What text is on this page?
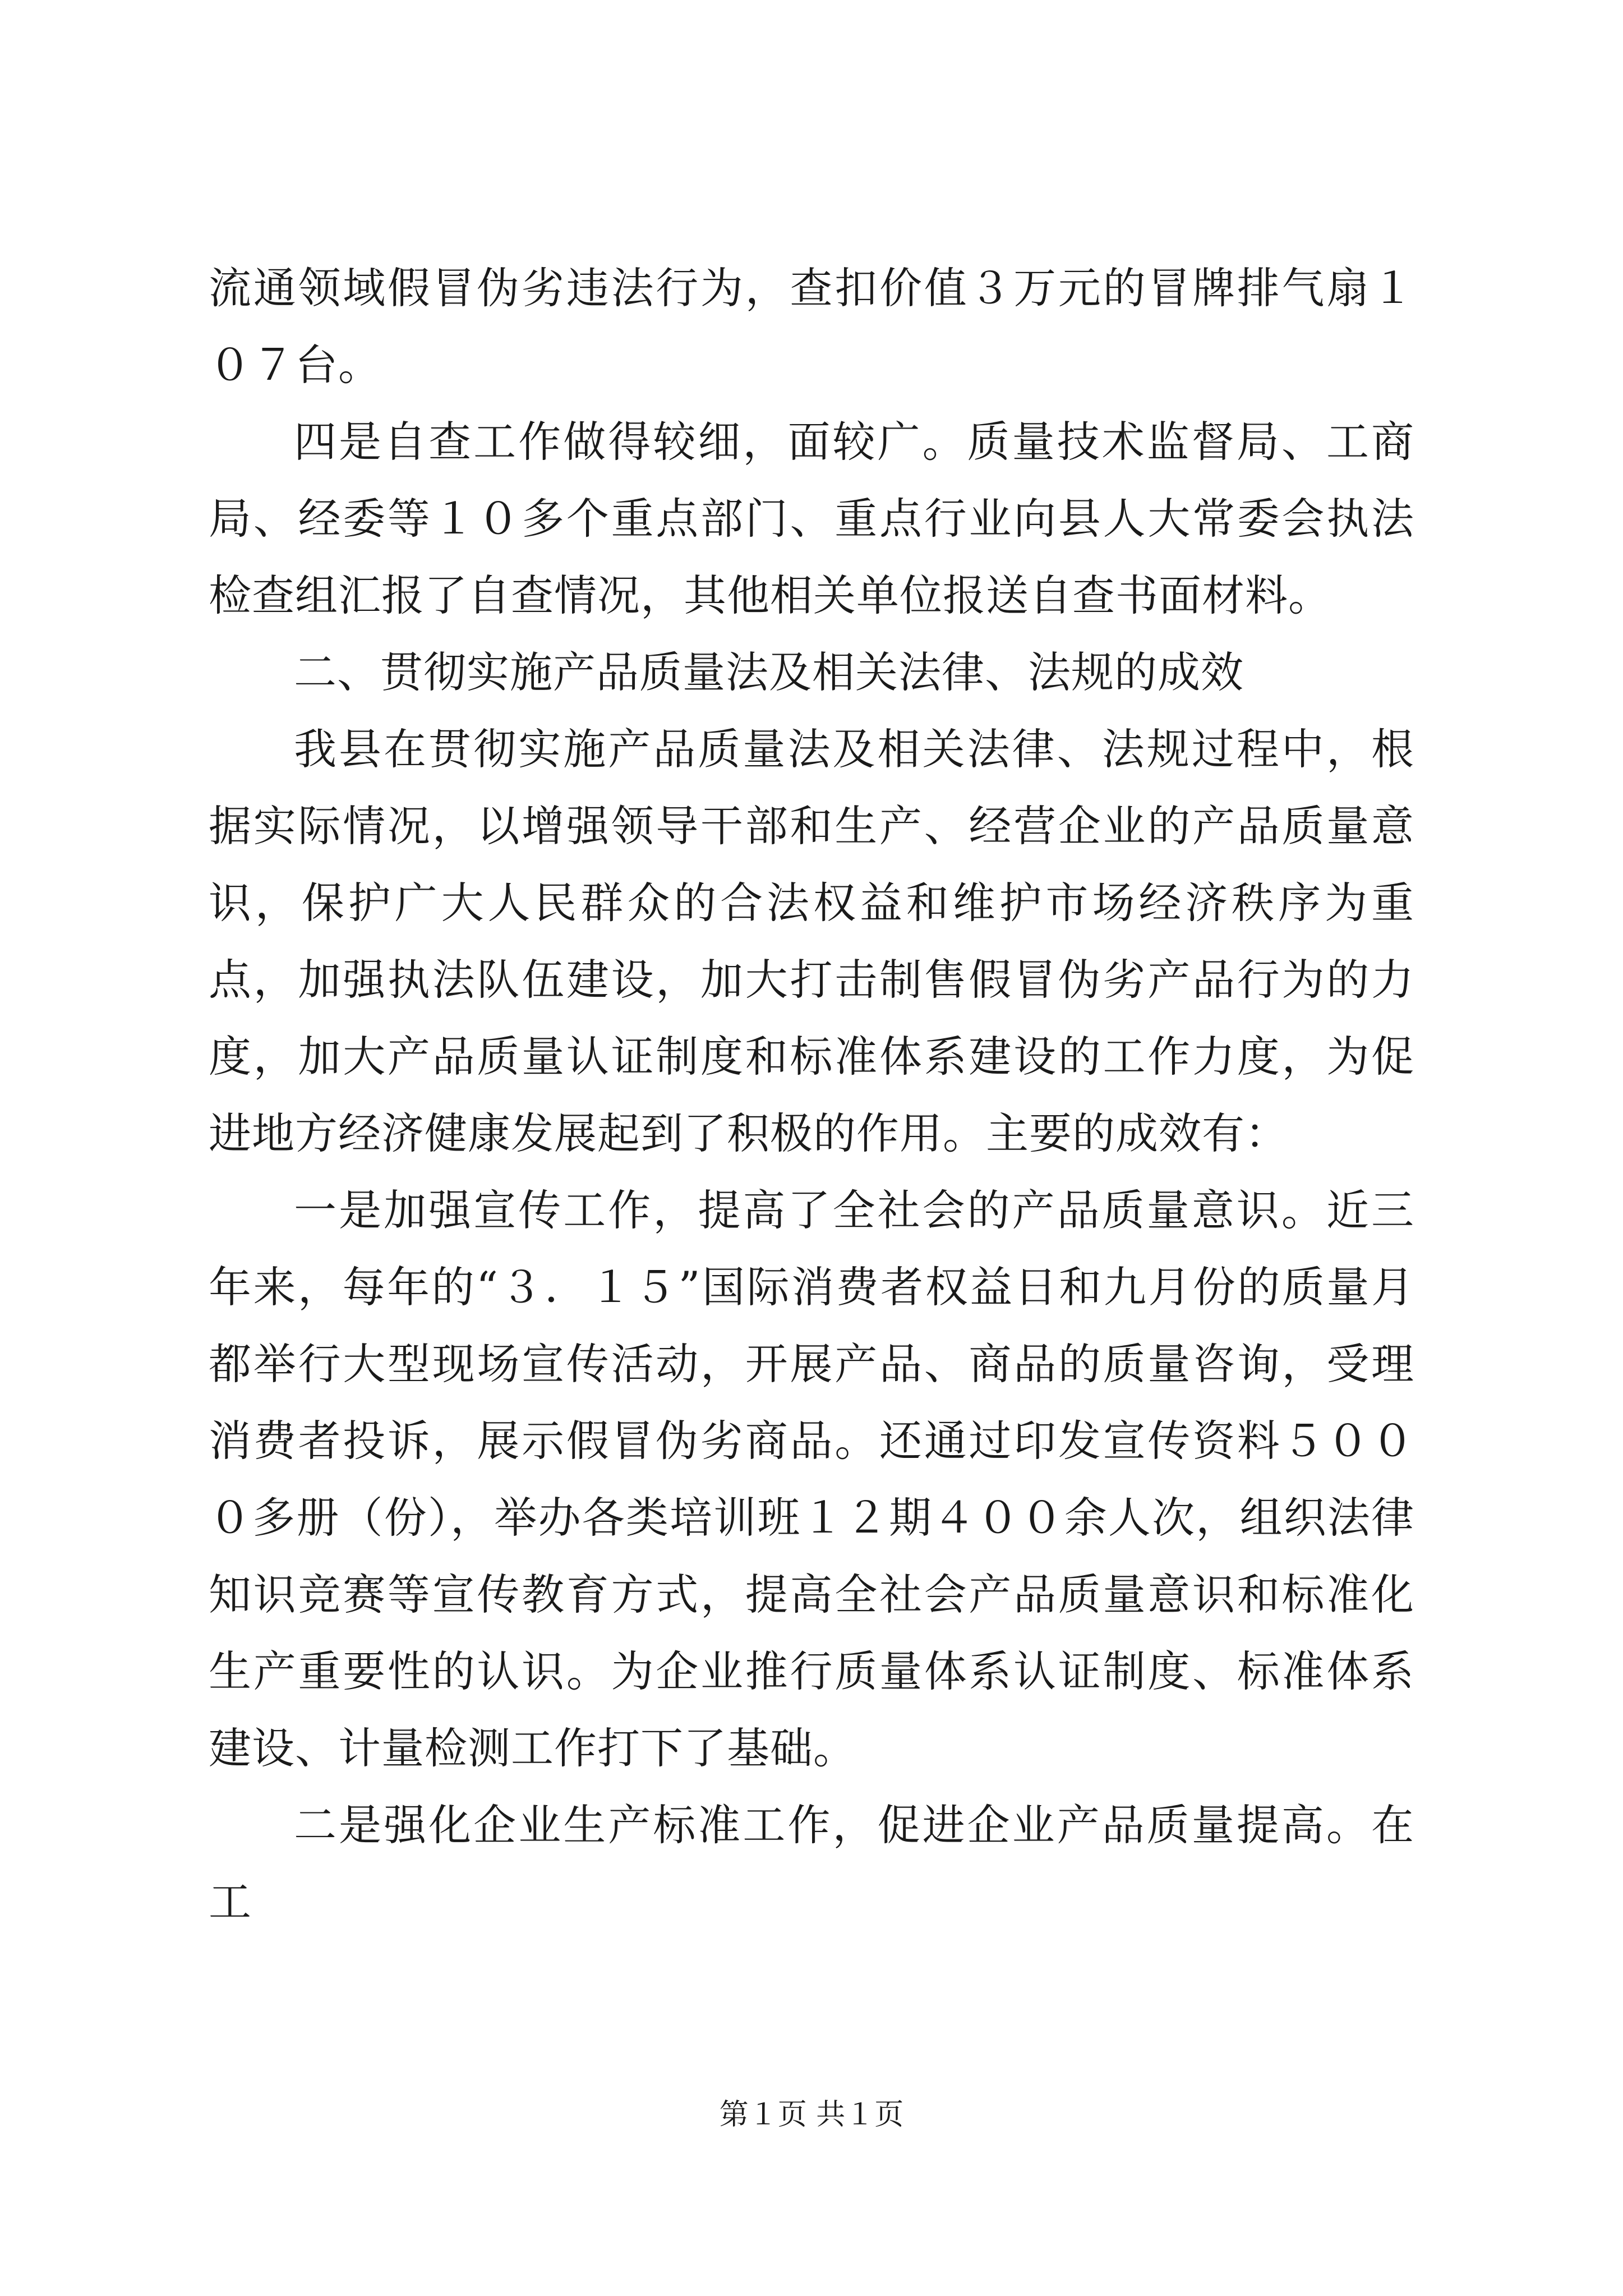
流通领域假冒伪劣违法行为，查扣价值３万元的冒牌排气扇１０７台。

四是自查工作做得较细，面较广。质量技术监督局、工商局、经委等１０多个重点部门、重点行业向县人大常委会执法检查组汇报了自查情况，其他相关单位报送自查书面材料。

二、贯彻实施产品质量法及相关法律、法规的成效

我县在贯彻实施产品质量法及相关法律、法规过程中，根据实际情况，以增强领导干部和生产、经营企业的产品质量意识，保护广大人民群众的合法权益和维护市场经济秩序为重点，加强执法队伍建设，加大打击制售假冒伪劣产品行为的力度，加大产品质量认证制度和标准体系建设的工作力度，为促进地方经济健康发展起到了积极的作用。主要的成效有：

一是加强宣传工作，提高了全社会的产品质量意识。近三年来，每年的“３．１５”国际消费者权益日和九月份的质量月都举行大型现场宣传活动，开展产品、商品的质量咨询，受理消费者投诉，展示假冒伪劣商品。还通过印发宣传资料５０００多册（份），举办各类培训班１２期４００余人次，组织法律知识竞赛等宣传教育方式，提高全社会产品质量意识和标准化生产重要性的认识。为企业推行质量体系认证制度、标准体系建设、计量检测工作打下了基础。

二是强化企业生产标准工作，促进企业产品质量提高。在工

第１页 共１页
